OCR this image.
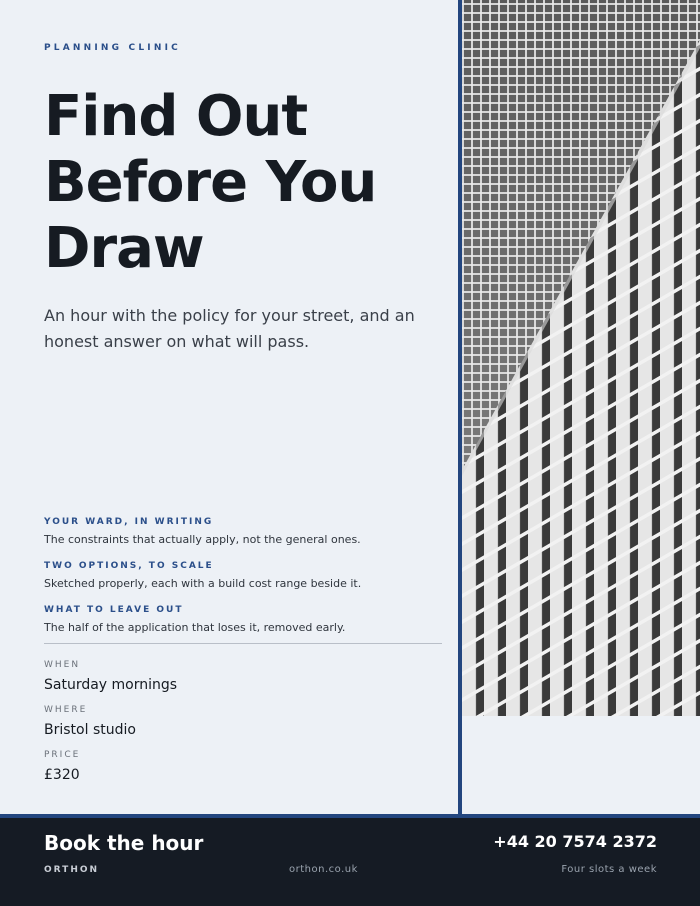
PLANNING CLINIC
Find Out
Before You
Draw
An hour with the policy for your street, and an honest answer on what will pass.
YOUR WARD, IN WRITING
The constraints that actually apply, not the general ones.
TWO OPTIONS, TO SCALE
Sketched properly, each with a build cost range beside it.
WHAT TO LEAVE OUT
The half of the application that loses it, removed early.
WHEN
Saturday mornings
WHERE
Bristol studio
PRICE
£320
Book the hour
ORTHON	orthon.co.uk
+44 20 7574 2372
Four slots a week
